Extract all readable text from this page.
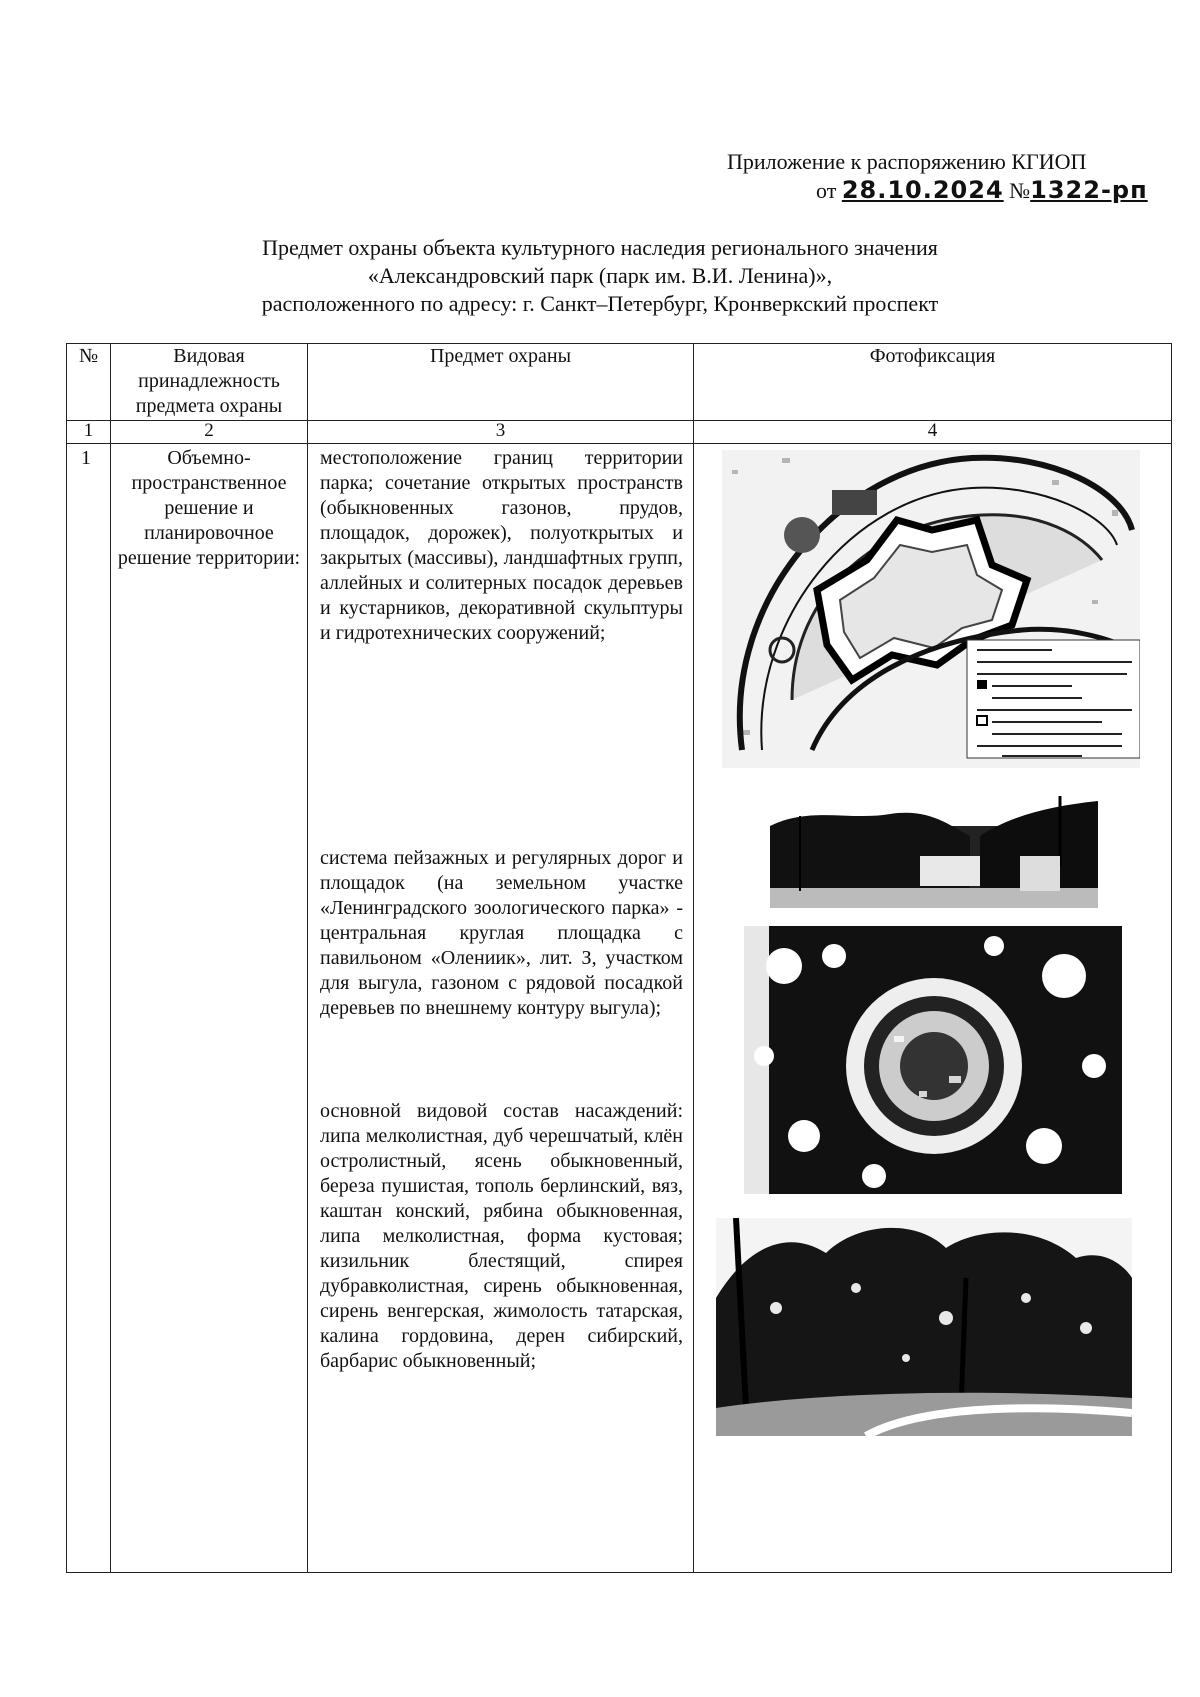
Приложение к распоряжению КГИОП
от 28.10.2024 №1322-рп
Предмет охраны объекта культурного наследия регионального значения
«Александровский парк (парк им. В.И. Ленина)»,
расположенного по адресу: г. Санкт–Петербург, Кронверкский проспект
№	Видовая принадлежность предмета охраны	Предмет охраны	Фотофиксация
1	2	3	4
1	Объемно-пространственное решение и планировочное решение территории:	местоположение границ территории парка; сочетание открытых пространств (обыкновенных газонов, прудов, площадок, дорожек), полуоткрытых и закрытых (массивы), ландшафтных групп, аллейных и солитерных посадок деревьев и кустарников, декоративной скульптуры и гидротехнических сооружений;
система пейзажных и регулярных дорог и площадок (на земельном участке «Ленинградского зоологического парка» - центральная круглая площадка с павильоном «Олениик», лит. З, участком для выгула, газоном с рядовой посадкой деревьев по внешнему контуру выгула);
основной видовой состав насаждений: липа мелколистная, дуб черешчатый, клён остролистный, ясень обыкновенный, береза пушистая, тополь берлинский, вяз, каштан конский, рябина обыкновенная, липа мелколистная, форма кустовая; кизильник блестящий, спирея дубравколистная, сирень обыкновенная, сирень венгерская, жимолость татарская, калина гордовина, дерен сибирский, барбарис обыкновенный;
